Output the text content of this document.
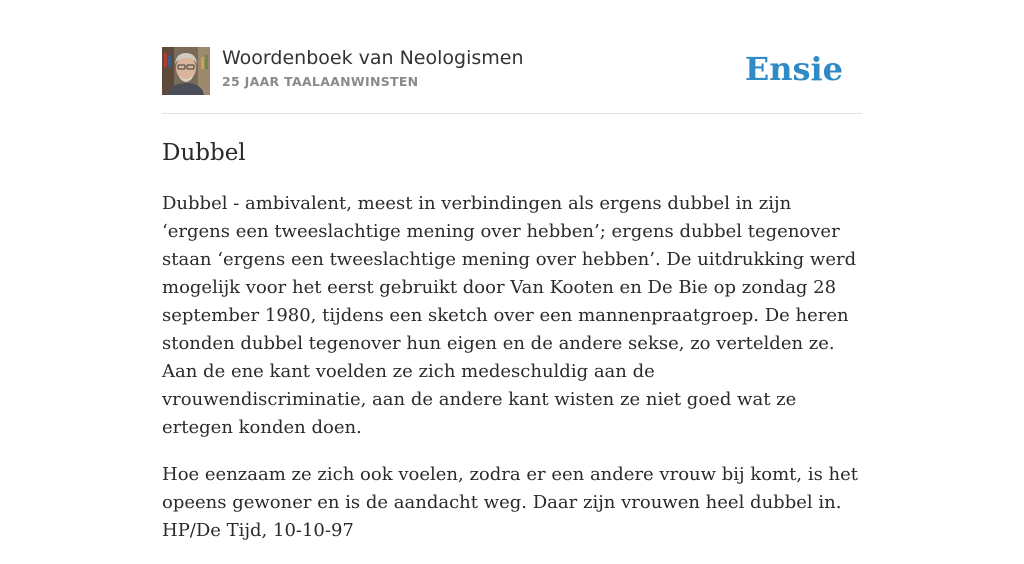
Woordenboek van Neologismen
25 JAAR TAALAANWINSTEN	Ensie
Dubbel

Dubbel - ambivalent, meest in verbindingen als ergens dubbel in zijn ‘ergens een tweeslachtige mening over hebben’; ergens dubbel tegenover staan ‘ergens een tweeslachtige mening over hebben’. De uitdrukking werd mogelijk voor het eerst gebruikt door Van Kooten en De Bie op zondag 28 september 1980, tijdens een sketch over een mannenpraatgroep. De heren stonden dubbel tegenover hun eigen en de andere sekse, zo vertelden ze. Aan de ene kant voelden ze zich medeschuldig aan de vrouwendiscriminatie, aan de andere kant wisten ze niet goed wat ze ertegen konden doen.

Hoe eenzaam ze zich ook voelen, zodra er een andere vrouw bij komt, is het opeens gewoner en is de aandacht weg. Daar zijn vrouwen heel dubbel in. HP/De Tijd, 10-10-97
